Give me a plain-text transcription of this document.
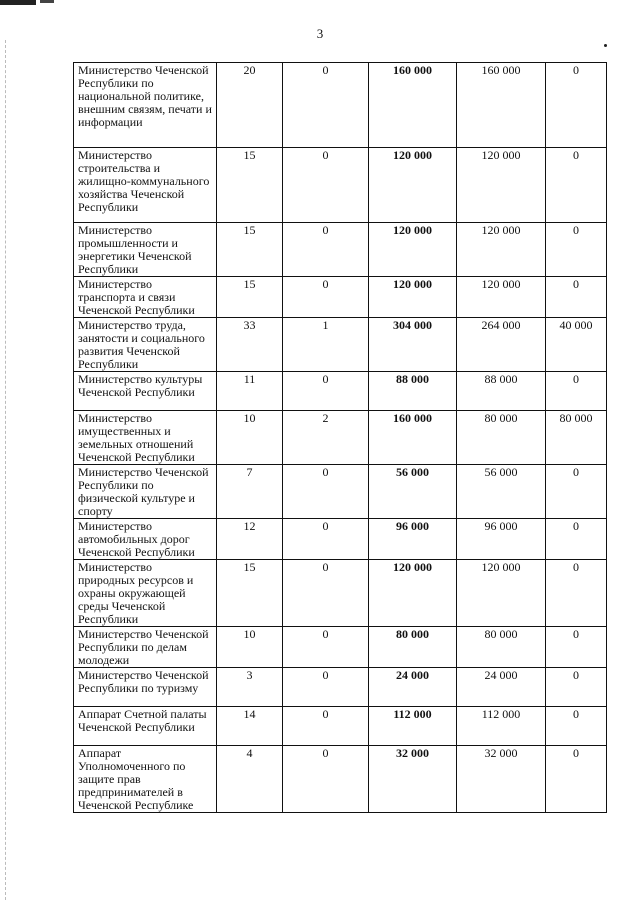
3
Министерство Чеченской Республики по национальной политике, внешним связям, печати и информации	20	0	160 000	160 000	0
Министерство строительства и жилищно-коммунального хозяйства Чеченской Республики	15	0	120 000	120 000	0
Министерство промышленности и энергетики Чеченской Республики	15	0	120 000	120 000	0
Министерство транспорта и связи Чеченской Республики	15	0	120 000	120 000	0
Министерство труда, занятости и социального развития Чеченской Республики	33	1	304 000	264 000	40 000
Министерство культуры Чеченской Республики	11	0	88 000	88 000	0
Министерство имущественных и земельных отношений Чеченской Республики	10	2	160 000	80 000	80 000
Министерство Чеченской Республики по физической культуре и спорту	7	0	56 000	56 000	0
Министерство автомобильных дорог Чеченской Республики	12	0	96 000	96 000	0
Министерство природных ресурсов и охраны окружающей среды Чеченской Республики	15	0	120 000	120 000	0
Министерство Чеченской Республики по делам молодежи	10	0	80 000	80 000	0
Министерство Чеченской Республики по туризму	3	0	24 000	24 000	0
Аппарат Счетной палаты Чеченской Республики	14	0	112 000	112 000	0
Аппарат Уполномоченного по защите прав предпринимателей в Чеченской Республике	4	0	32 000	32 000	0
